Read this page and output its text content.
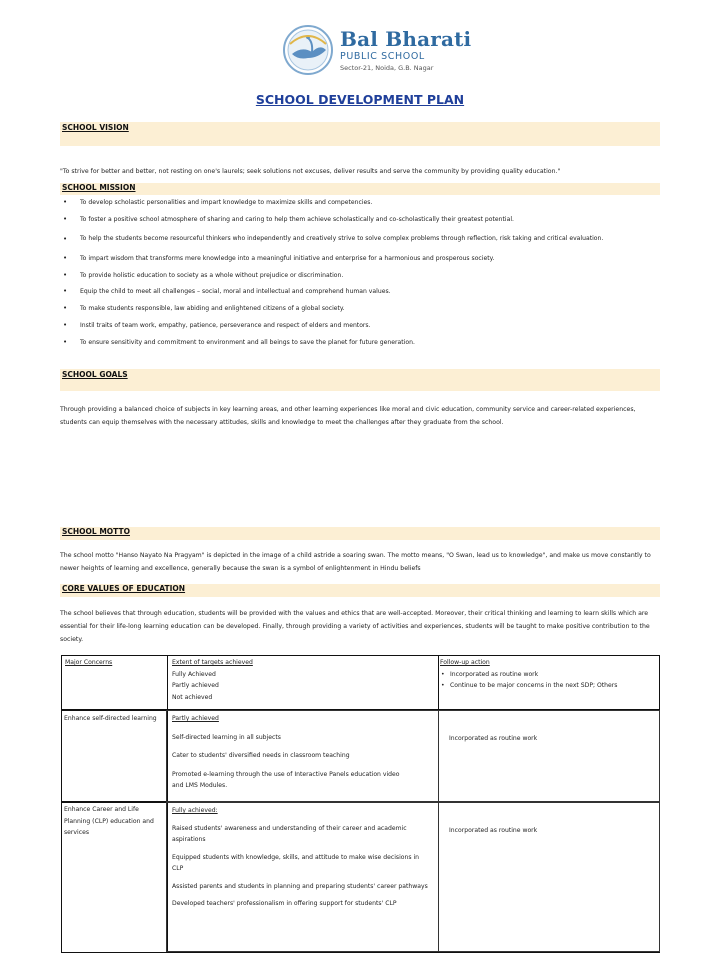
Bal Bharati
PUBLIC SCHOOL
Sector-21, Noida, G.B. Nagar
SCHOOL DEVELOPMENT PLAN
SCHOOL VISION
"To strive for better and better, not resting on one's laurels; seek solutions not excuses, deliver results and serve the community by providing quality education."
SCHOOL MISSION
• To develop scholastic personalities and impart knowledge to maximize skills and competencies.
• To foster a positive school atmosphere of sharing and caring to help them achieve scholastically and co-scholastically their greatest potential.
• To help the students become resourceful thinkers who independently and creatively strive to solve complex problems through reflection, risk taking and critical evaluation.
• To impart wisdom that transforms mere knowledge into a meaningful initiative and enterprise for a harmonious and prosperous society.
• To provide holistic education to society as a whole without prejudice or discrimination.
• Equip the child to meet all challenges – social, moral and intellectual and comprehend human values.
• To make students responsible, law abiding and enlightened citizens of a global society.
• Instil traits of team work, empathy, patience, perseverance and respect of elders and mentors.
• To ensure sensitivity and commitment to environment and all beings to save the planet for future generation.
SCHOOL GOALS
Through providing a balanced choice of subjects in key learning areas, and other learning experiences like moral and civic education, community service and career-related experiences, students can equip themselves with the necessary attitudes, skills and knowledge to meet the challenges after they graduate from the school.
SCHOOL MOTTO
The school motto "Hanso Nayato Na Pragyam" is depicted in the image of a child astride a soaring swan. The motto means, "O Swan, lead us to knowledge", and make us move constantly to newer heights of learning and excellence, generally because the swan is a symbol of enlightenment in Hindu beliefs
CORE VALUES OF EDUCATION
The school believes that through education, students will be provided with the values and ethics that are well-accepted. Moreover, their critical thinking and learning to learn skills which are essential for their life-long learning education can be developed. Finally, through providing a variety of activities and experiences, students will be taught to make positive contribution to the society.
Major Concerns	Extent of targets achieved
Fully Achieved
Partly achieved
Not achieved
Follow-up action
• Incorporated as routine work
• Continue to be major concerns in the next SDP; Others
Enhance self-directed learning	Partly achieved
Self-directed learning in all subjects
Cater to students' diversified needs in classroom teaching
Promoted e-learning through the use of Interactive Panels education video and LMS Modules.
Incorporated as routine work
Enhance Career and Life Planning (CLP) education and services
Fully achieved:
Raised students' awareness and understanding of their career and academic aspirations
Equipped students with knowledge, skills, and attitude to make wise decisions in CLP
Assisted parents and students in planning and preparing students' career pathways
Developed teachers' professionalism in offering support for students' CLP
Incorporated as routine work
